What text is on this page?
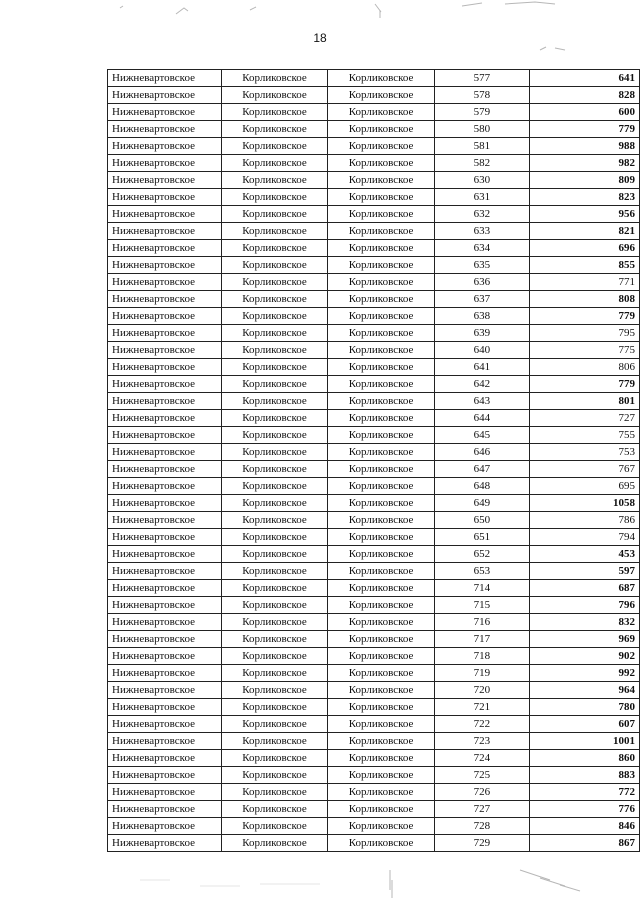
18
Нижневартовское	Корликовское	Корликовское	577	641
Нижневартовское	Корликовское	Корликовское	578	828
Нижневартовское	Корликовское	Корликовское	579	600
Нижневартовское	Корликовское	Корликовское	580	779
Нижневартовское	Корликовское	Корликовское	581	988
Нижневартовское	Корликовское	Корликовское	582	982
Нижневартовское	Корликовское	Корликовское	630	809
Нижневартовское	Корликовское	Корликовское	631	823
Нижневартовское	Корликовское	Корликовское	632	956
Нижневартовское	Корликовское	Корликовское	633	821
Нижневартовское	Корликовское	Корликовское	634	696
Нижневартовское	Корликовское	Корликовское	635	855
Нижневартовское	Корликовское	Корликовское	636	771
Нижневартовское	Корликовское	Корликовское	637	808
Нижневартовское	Корликовское	Корликовское	638	779
Нижневартовское	Корликовское	Корликовское	639	795
Нижневартовское	Корликовское	Корликовское	640	775
Нижневартовское	Корликовское	Корликовское	641	806
Нижневартовское	Корликовское	Корликовское	642	779
Нижневартовское	Корликовское	Корликовское	643	801
Нижневартовское	Корликовское	Корликовское	644	727
Нижневартовское	Корликовское	Корликовское	645	755
Нижневартовское	Корликовское	Корликовское	646	753
Нижневартовское	Корликовское	Корликовское	647	767
Нижневартовское	Корликовское	Корликовское	648	695
Нижневартовское	Корликовское	Корликовское	649	1058
Нижневартовское	Корликовское	Корликовское	650	786
Нижневартовское	Корликовское	Корликовское	651	794
Нижневартовское	Корликовское	Корликовское	652	453
Нижневартовское	Корликовское	Корликовское	653	597
Нижневартовское	Корликовское	Корликовское	714	687
Нижневартовское	Корликовское	Корликовское	715	796
Нижневартовское	Корликовское	Корликовское	716	832
Нижневартовское	Корликовское	Корликовское	717	969
Нижневартовское	Корликовское	Корликовское	718	902
Нижневартовское	Корликовское	Корликовское	719	992
Нижневартовское	Корликовское	Корликовское	720	964
Нижневартовское	Корликовское	Корликовское	721	780
Нижневартовское	Корликовское	Корликовское	722	607
Нижневартовское	Корликовское	Корликовское	723	1001
Нижневартовское	Корликовское	Корликовское	724	860
Нижневартовское	Корликовское	Корликовское	725	883
Нижневартовское	Корликовское	Корликовское	726	772
Нижневартовское	Корликовское	Корликовское	727	776
Нижневартовское	Корликовское	Корликовское	728	846
Нижневартовское	Корликовское	Корликовское	729	867
